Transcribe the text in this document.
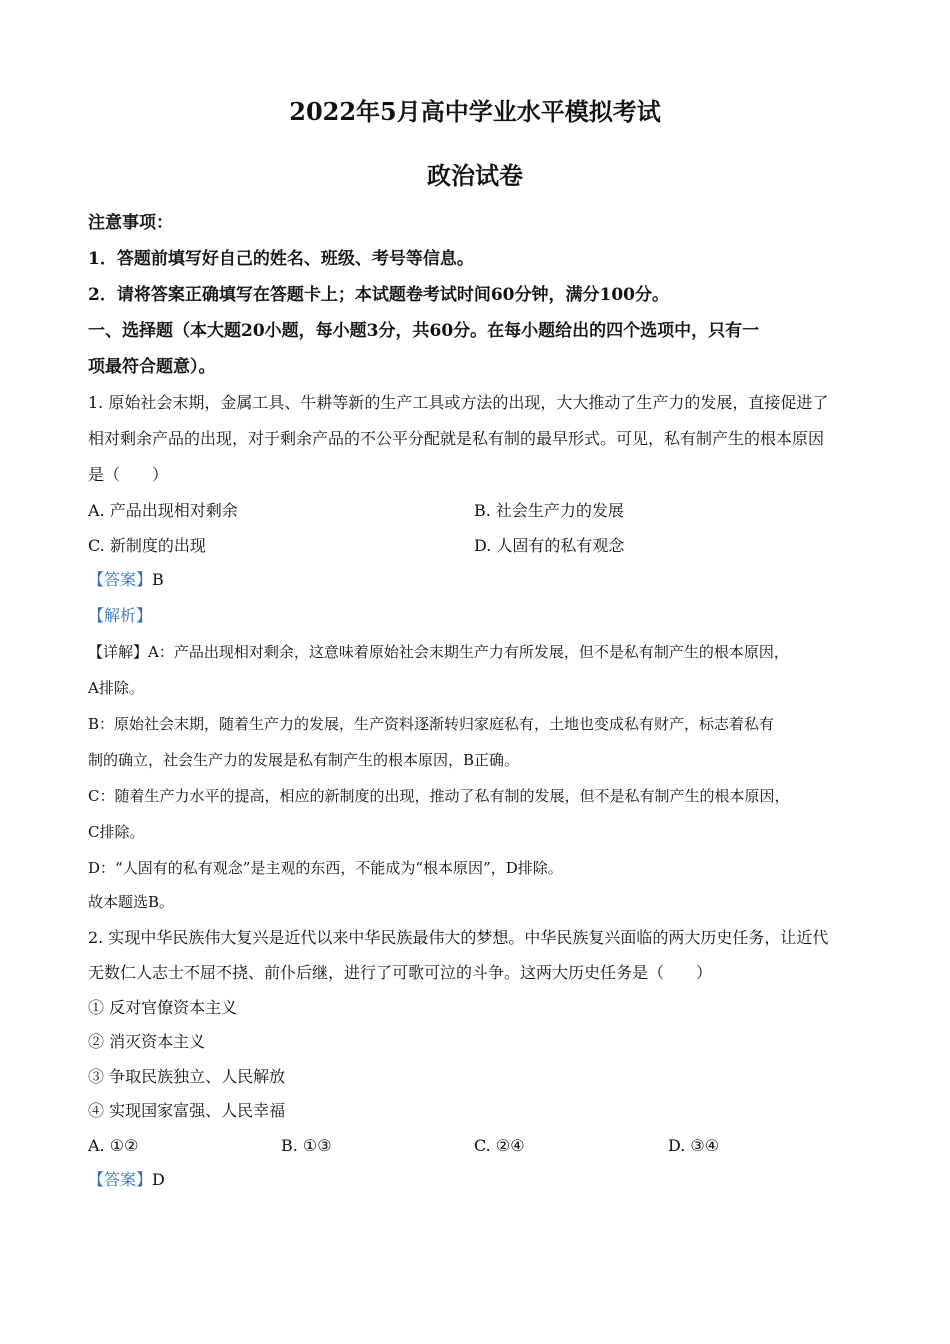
2022年5月高中学业水平模拟考试
政治试卷
注意事项：
1．答题前填写好自己的姓名、班级、考号等信息。
2．请将答案正确填写在答题卡上；本试题卷考试时间60分钟，满分100分。
一、选择题（本大题20小题，每小题3分，共60分。在每小题给出的四个选项中，只有一
项最符合题意）。
1. 原始社会末期，金属工具、牛耕等新的生产工具或方法的出现，大大推动了生产力的发展，直接促进了
相对剩余产品的出现，对于剩余产品的不公平分配就是私有制的最早形式。可见，私有制产生的根本原因
是（　　）
A. 产品出现相对剩余	B. 社会生产力的发展
C. 新制度的出现	D. 人固有的私有观念
【答案】B
【解析】
【详解】A：产品出现相对剩余，这意味着原始社会末期生产力有所发展，但不是私有制产生的根本原因，
A排除。
B：原始社会末期，随着生产力的发展，生产资料逐渐转归家庭私有，土地也变成私有财产，标志着私有
制的确立，社会生产力的发展是私有制产生的根本原因，B正确。
C：随着生产力水平的提高，相应的新制度的出现，推动了私有制的发展，但不是私有制产生的根本原因，
C排除。
D：“人固有的私有观念”是主观的东西，不能成为“根本原因”，D排除。
故本题选B。
2. 实现中华民族伟大复兴是近代以来中华民族最伟大的梦想。中华民族复兴面临的两大历史任务，让近代
无数仁人志士不屈不挠、前仆后继，进行了可歌可泣的斗争。这两大历史任务是（　　）
① 反对官僚资本主义
② 消灭资本主义
③ 争取民族独立、人民解放
④ 实现国家富强、人民幸福
A. ①②	B. ①③	C. ②④	D. ③④
【答案】D
